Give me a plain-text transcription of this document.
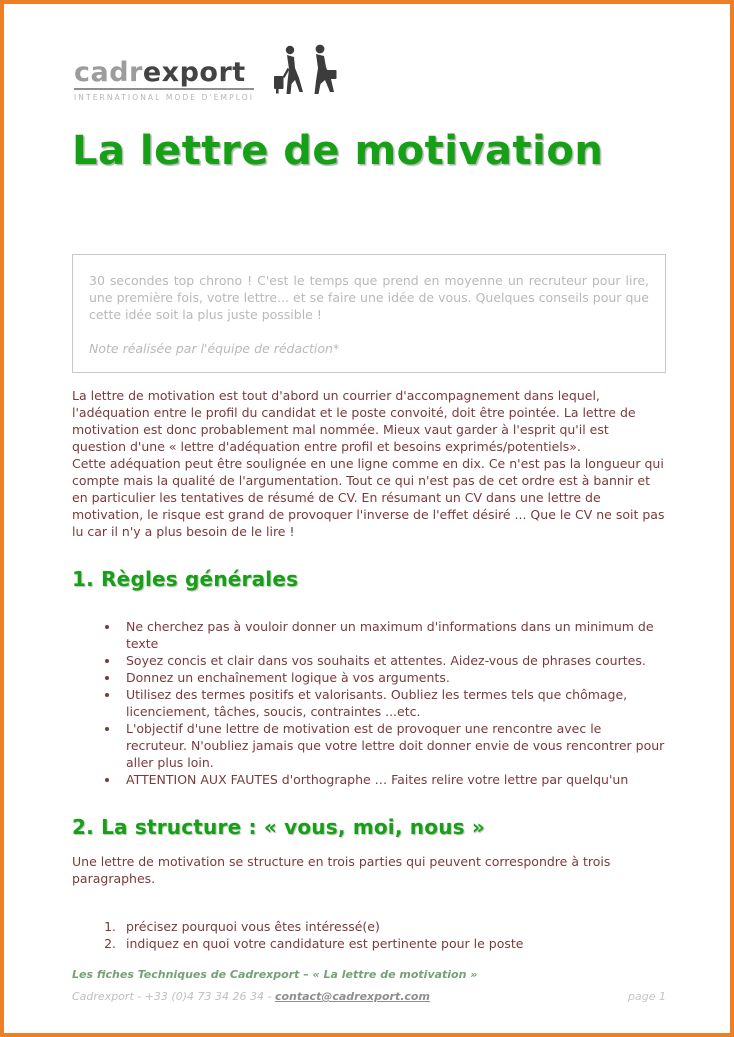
cadrexport
INTERNATIONAL MODE D'EMPLOI
La lettre de motivation

30 secondes top chrono ! C'est le temps que prend en moyenne un recruteur pour lire, une première fois, votre lettre... et se faire une idée de vous. Quelques conseils pour que cette idée soit la plus juste possible !

Note réalisée par l'équipe de rédaction*

La lettre de motivation est tout d'abord un courrier d'accompagnement dans lequel, l'adéquation entre le profil du candidat et le poste convoité, doit être pointée. La lettre de motivation est donc probablement mal nommée. Mieux vaut garder à l'esprit qu'il est question d'une « lettre d'adéquation entre profil et besoins exprimés/potentiels».

Cette adéquation peut être soulignée en une ligne comme en dix. Ce n'est pas la longueur qui compte mais la qualité de l'argumentation. Tout ce qui n'est pas de cet ordre est à bannir et en particulier les tentatives de résumé de CV. En résumant un CV dans une lettre de motivation, le risque est grand de provoquer l'inverse de l'effet désiré ... Que le CV ne soit pas lu car il n'y a plus besoin de le lire !

1. Règles générales
• Ne cherchez pas à vouloir donner un maximum d'informations dans un minimum de texte
• Soyez concis et clair dans vos souhaits et attentes. Aidez-vous de phrases courtes.
• Donnez un enchaînement logique à vos arguments.
• Utilisez des termes positifs et valorisants. Oubliez les termes tels que chômage, licenciement, tâches, soucis, contraintes ...etc.
• L'objectif d'une lettre de motivation est de provoquer une rencontre avec le recruteur. N'oubliez jamais que votre lettre doit donner envie de vous rencontrer pour aller plus loin.
• ATTENTION AUX FAUTES d'orthographe … Faites relire votre lettre par quelqu'un
2. La structure : « vous, moi, nous »

Une lettre de motivation se structure en trois parties qui peuvent correspondre à trois paragraphes.

1. précisez pourquoi vous êtes intéressé(e)
2. indiquez en quoi votre candidature est pertinente pour le poste

Les fiches Techniques de Cadrexport – « La lettre de motivation »

Cadrexport - +33 (0)4 73 34 26 34 - contact@cadrexport.com	page 1
